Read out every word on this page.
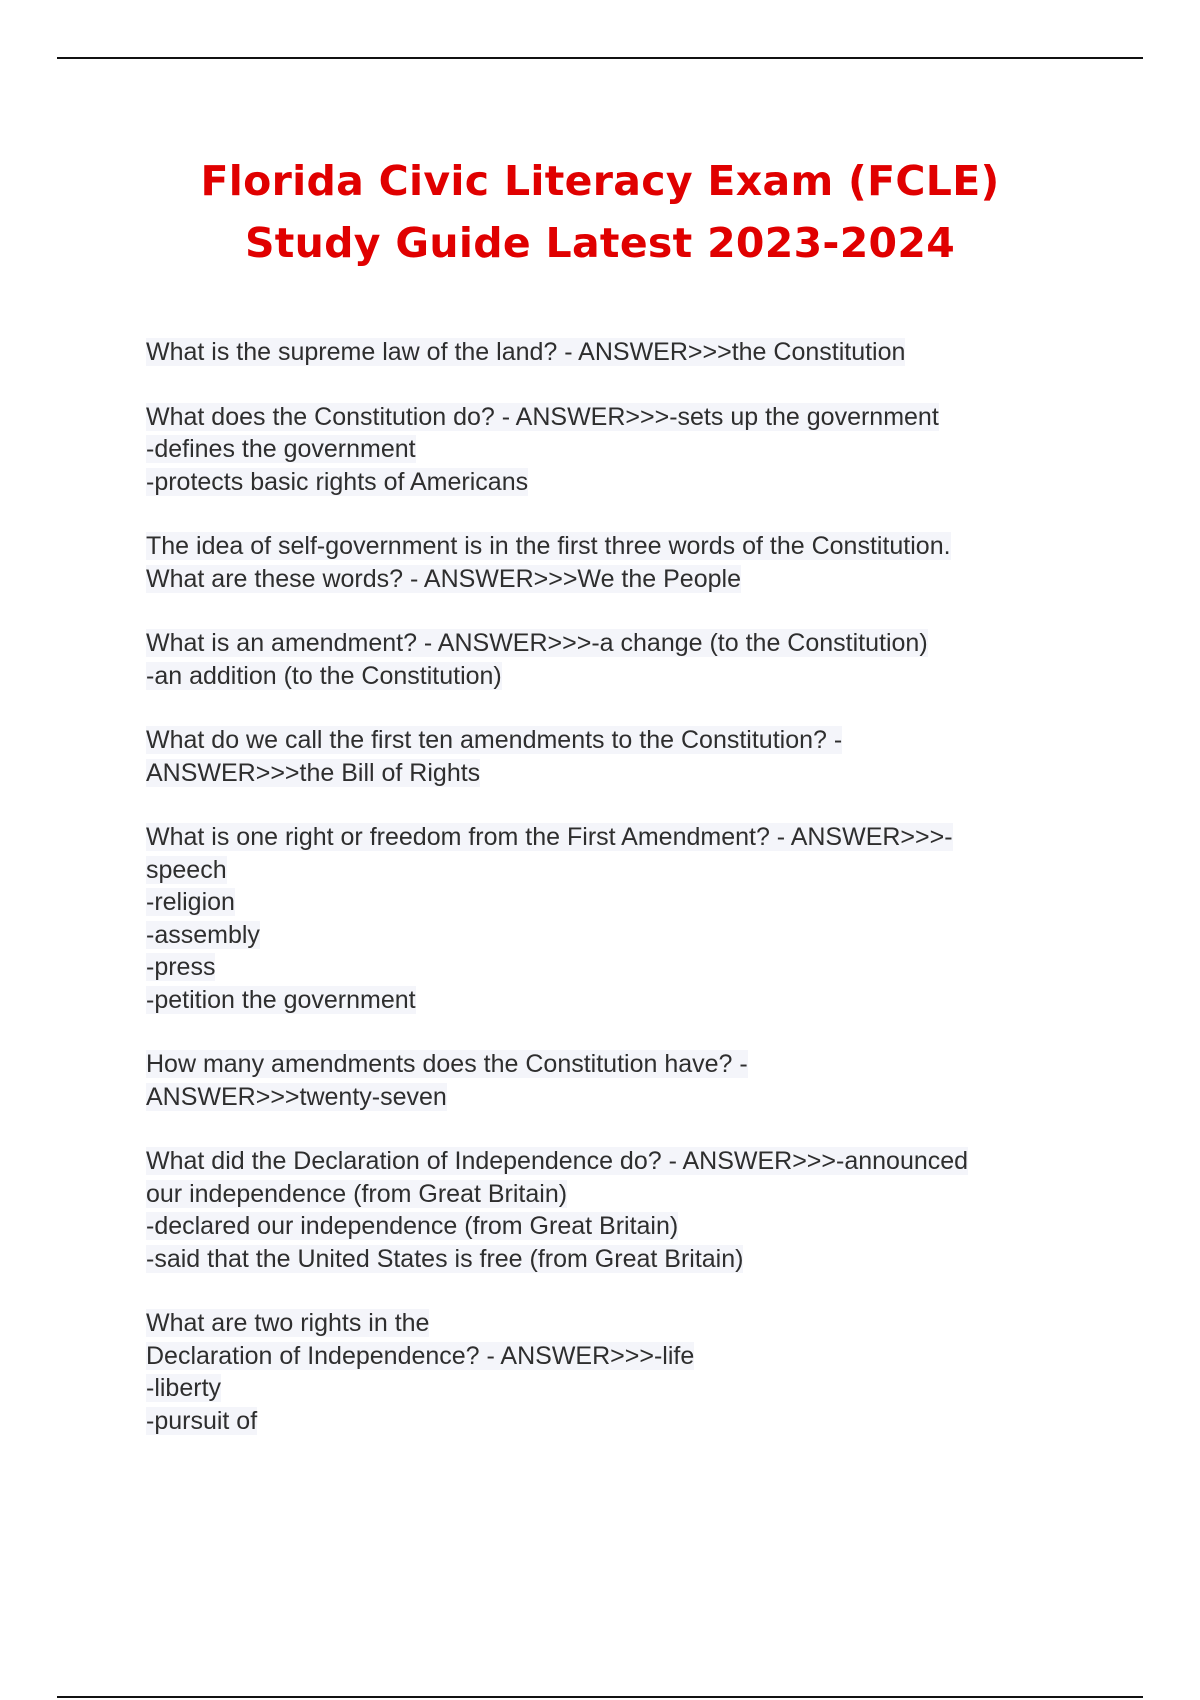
Florida Civic Literacy Exam (FCLE)
Study Guide Latest 2023-2024
What is the supreme law of the land? - ANSWER>>>the Constitution
What does the Constitution do? - ANSWER>>>-sets up the government
-defines the government
-protects basic rights of Americans
The idea of self-government is in the first three words of the Constitution.
What are these words? - ANSWER>>>We the People
What is an amendment? - ANSWER>>>-a change (to the Constitution)
-an addition (to the Constitution)
What do we call the first ten amendments to the Constitution? -
ANSWER>>>the Bill of Rights
What is one right or freedom from the First Amendment? - ANSWER>>>-
speech
-religion
-assembly
-press
-petition the government
How many amendments does the Constitution have? -
ANSWER>>>twenty-seven
What did the Declaration of Independence do? - ANSWER>>>-announced
our independence (from Great Britain)
-declared our independence (from Great Britain)
-said that the United States is free (from Great Britain)
What are two rights in the
Declaration of Independence? - ANSWER>>>-life
-liberty
-pursuit of
